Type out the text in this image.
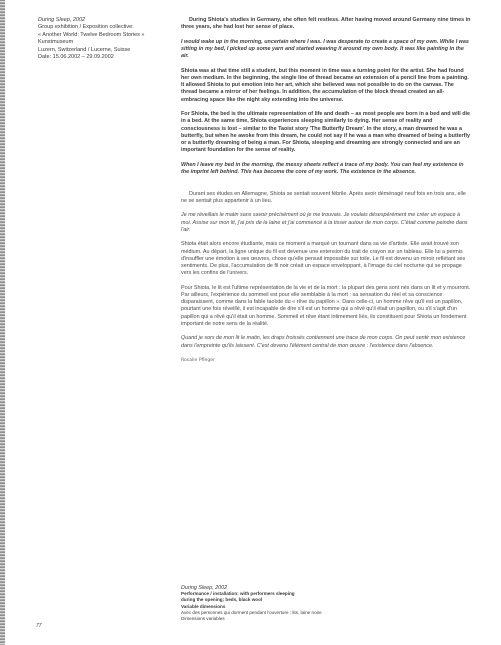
During Sleep, 2002
Group exhibition / Exposition collective:
« Another World: Twelve Bedroom Stories »
Kunstmuseum
Luzern, Switzerland / Lucerne, Suisse
Date: 15.06.2002 – 29.09.2002

During Shiota's studies in Germany, she often felt restless. After having moved around Germany nine times in three years, she had lost her sense of place.

I would wake up in the morning, uncertain where I was. I was desperate to create a space of my own. While I was sitting in my bed, I picked up some yarn and started weaving it around my own body. It was like painting in the air.

Shiota was at that time still a student, but this moment in time was a turning point for the artist. She had found her own medium. In the beginning, the single line of thread became an extension of a pencil line from a painting. It allowed Shiota to put emotion into her art, which she believed was not possible to do on the canvas. The thread became a mirror of her feelings. In addition, the accumulation of the block thread created an all-embracing space like the night sky extending into the universe.

For Shiota, the bed is the ultimate representation of life and death – as most people are born in a bed and will die in a bed. At the same time, Shiota experiences sleeping similarly to dying. Her sense of reality and consciousness is lost – similar to the Taoist story 'The Butterfly Dream'. In the story, a man dreamed he was a butterfly, but when he awoke from this dream, he could not say if he was a man who dreamed of being a butterfly or a butterfly dreaming of being a man. For Shiota, sleeping and dreaming are strongly connected and are an important foundation for the sense of reality.

When I leave my bed in the morning, the messy sheets reflect a trace of my body. You can feel my existence in the imprint left behind. This has become the core of my work. The existence in the absence.

Durant ses études en Allemagne, Shiota se sentait souvent fébrile. Après avoir déménagé neuf fois en trois ans, elle ne se sentait plus appartenir à un lieu.

Je me réveillais le matin sans savoir précisément où je me trouvais. Je voulais désespérément me créer un espace à moi. Assise sur mon lit, j'ai pris de la laine et j'ai commencé à la tisser autour de mon corps. C'était comme peindre dans l'air.

Shiota était alors encore étudiante, mais ce moment a marqué un tournant dans sa vie d'artiste. Elle avait trouvé son médium. Au départ, la ligne unique du fil est devenue une extension du trait de crayon sur un tableau. Elle lui a permis d'insuffler une émotion à ses œuvres, chose qu'elle pensait impossible sur toile. Le fil est devenu un miroir reflétant ses sentiments. De plus, l'accumulation de fil noir créait un espace enveloppant, à l'image du ciel nocturne qui se propage vers les confins de l'univers.

Pour Shiota, le lit est l'ultime représentation de la vie et de la mort : la plupart des gens sont nés dans un lit et y mourront. Par ailleurs, l'expérience du sommeil est pour elle semblable à la mort : sa sensation du réel et sa conscience disparaissent, comme dans la fable taoïste du « rêve du papillon ». Dans celle-ci, un homme rêve qu'il est un papillon, pourtant une fois réveillé, il est incapable de dire s'il est un homme qui a rêvé qu'il était un papillon, ou s'il s'agit d'un papillon qui a rêvé qu'il était un homme. Sommeil et rêve étant intimement liés, ils constituent pour Shiota un fondement important de notre sens de la réalité.

Quand je sors de mon lit le matin, les draps froissés contiennent une trace de mon corps. On peut sentir mon existence dans l'empreinte qu'ils laissent. C'est devenu l'élément central de mon œuvre : l'existence dans l'absence.

Rosalie Pfleger
During Sleep, 2002
Performance / installation: with performers sleeping
during the opening; beds, black wool
Variable dimensions
Avec des personnes qui dorment pendant l'ouverture ; lits, laine noire
Dimensions variables
77
